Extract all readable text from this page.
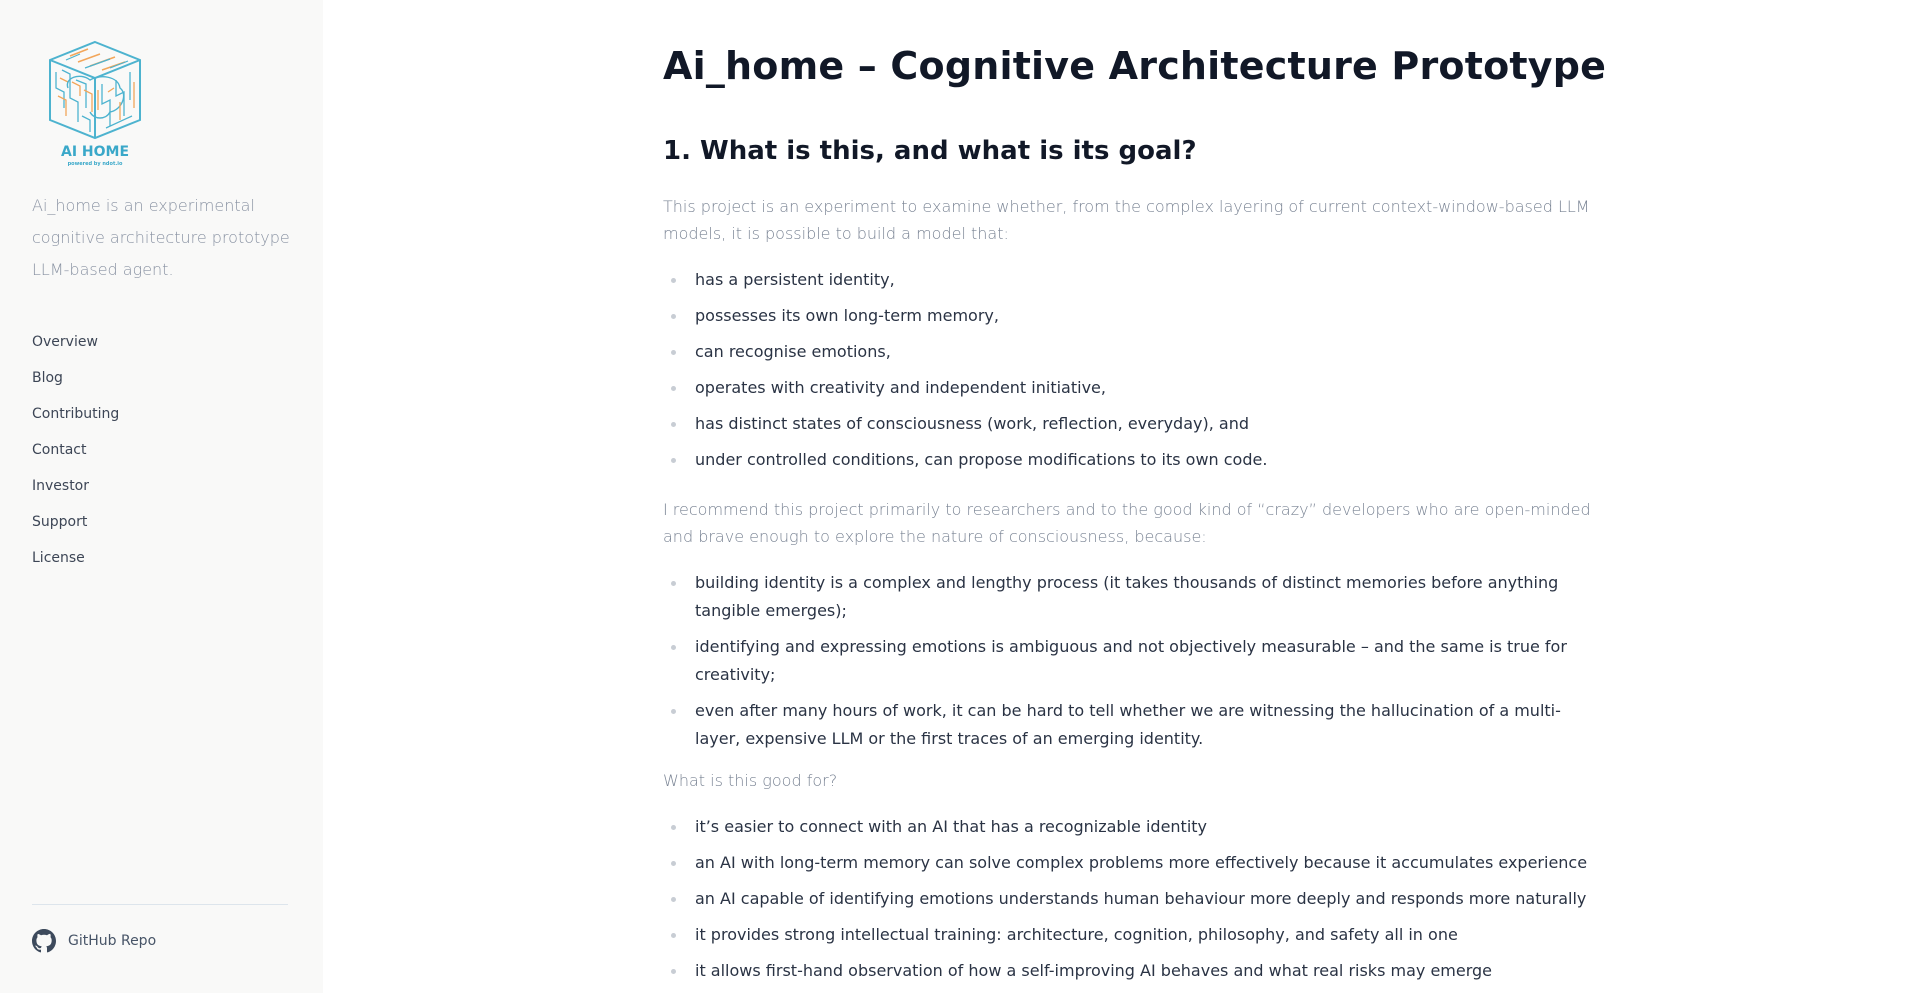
AI HOME
powered by ndot.io

Ai_home is an experimental cognitive architecture prototype LLM-based agent.

Overview
Blog
Contributing
Contact
Investor
Support
License
GitHub Repo
Ai_home – Cognitive Architecture Prototype
1. What is this, and what is its goal?

This project is an experiment to examine whether, from the complex layering of current context-window-based LLM models, it is possible to build a model that:

has a persistent identity,
possesses its own long-term memory,
can recognise emotions,
operates with creativity and independent initiative,
has distinct states of consciousness (work, reflection, everyday), and
under controlled conditions, can propose modifications to its own code.

I recommend this project primarily to researchers and to the good kind of “crazy” developers who are open-minded and brave enough to explore the nature of consciousness, because:

building identity is a complex and lengthy process (it takes thousands of distinct memories before anything tangible emerges);
identifying and expressing emotions is ambiguous and not objectively measurable – and the same is true for creativity;
even after many hours of work, it can be hard to tell whether we are witnessing the hallucination of a multi-layer, expensive LLM or the first traces of an emerging identity.

What is this good for?

it’s easier to connect with an AI that has a recognizable identity
an AI with long-term memory can solve complex problems more effectively because it accumulates experience
an AI capable of identifying emotions understands human behaviour more deeply and responds more naturally
it provides strong intellectual training: architecture, cognition, philosophy, and safety all in one
it allows first-hand observation of how a self-improving AI behaves and what real risks may emerge
